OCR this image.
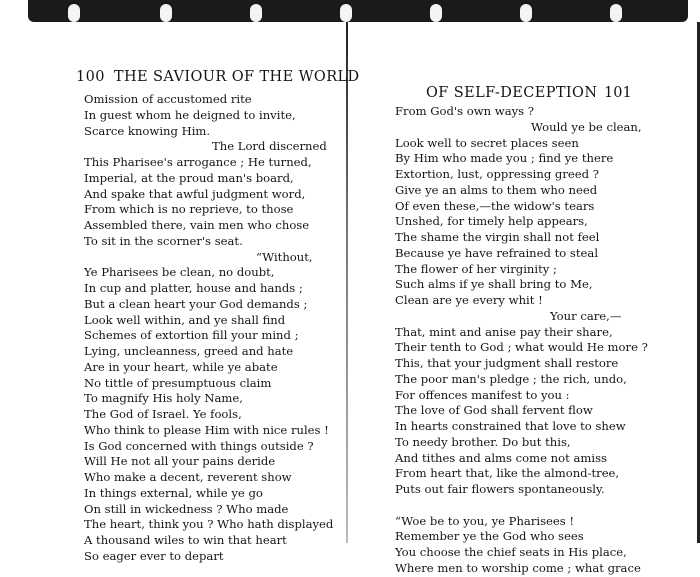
100 THE SAVIOUR OF THE WORLD
Omission of accustomed rite
In guest whom he deigned to invite,
Scarce knowing Him.
The Lord discerned
This Pharisee's arrogance ; He turned,
Imperial, at the proud man's board,
And spake that awful judgment word,
From which is no reprieve, to those
Assembled there, vain men who chose
To sit in the scorner's seat.
“Without,
Ye Pharisees be clean, no doubt,
In cup and platter, house and hands ;
But a clean heart your God demands ;
Look well within, and ye shall find
Schemes of extortion fill your mind ;
Lying, uncleanness, greed and hate
Are in your heart, while ye abate
No tittle of presumptuous claim
To magnify His holy Name,
The God of Israel. Ye fools,
Who think to please Him with nice rules !
Is God concerned with things outside ?
Will He not all your pains deride
Who make a decent, reverent show
In things external, while ye go
On still in wickedness ? Who made
The heart, think you ? Who hath displayed
A thousand wiles to win that heart
So eager ever to depart
OF SELF-DECEPTION 101
From God's own ways ?
Would ye be clean,
Look well to secret places seen
By Him who made you ; find ye there
Extortion, lust, oppressing greed ?
Give ye an alms to them who need
Of even these,—the widow's tears
Unshed, for timely help appears,
The shame the virgin shall not feel
Because ye have refrained to steal
The flower of her virginity ;
Such alms if ye shall bring to Me,
Clean are ye every whit !
Your care,—
That, mint and anise pay their share,
Their tenth to God ; what would He more ?
This, that your judgment shall restore
The poor man's pledge ; the rich, undo,
For offences manifest to you :
The love of God shall fervent flow
In hearts constrained that love to shew
To needy brother. Do but this,
And tithes and alms come not amiss
From heart that, like the almond-tree,
Puts out fair flowers spontaneously.
“Woe be to you, ye Pharisees !
Remember ye the God who sees
You choose the chief seats in His place,
Where men to worship come ; what grace
